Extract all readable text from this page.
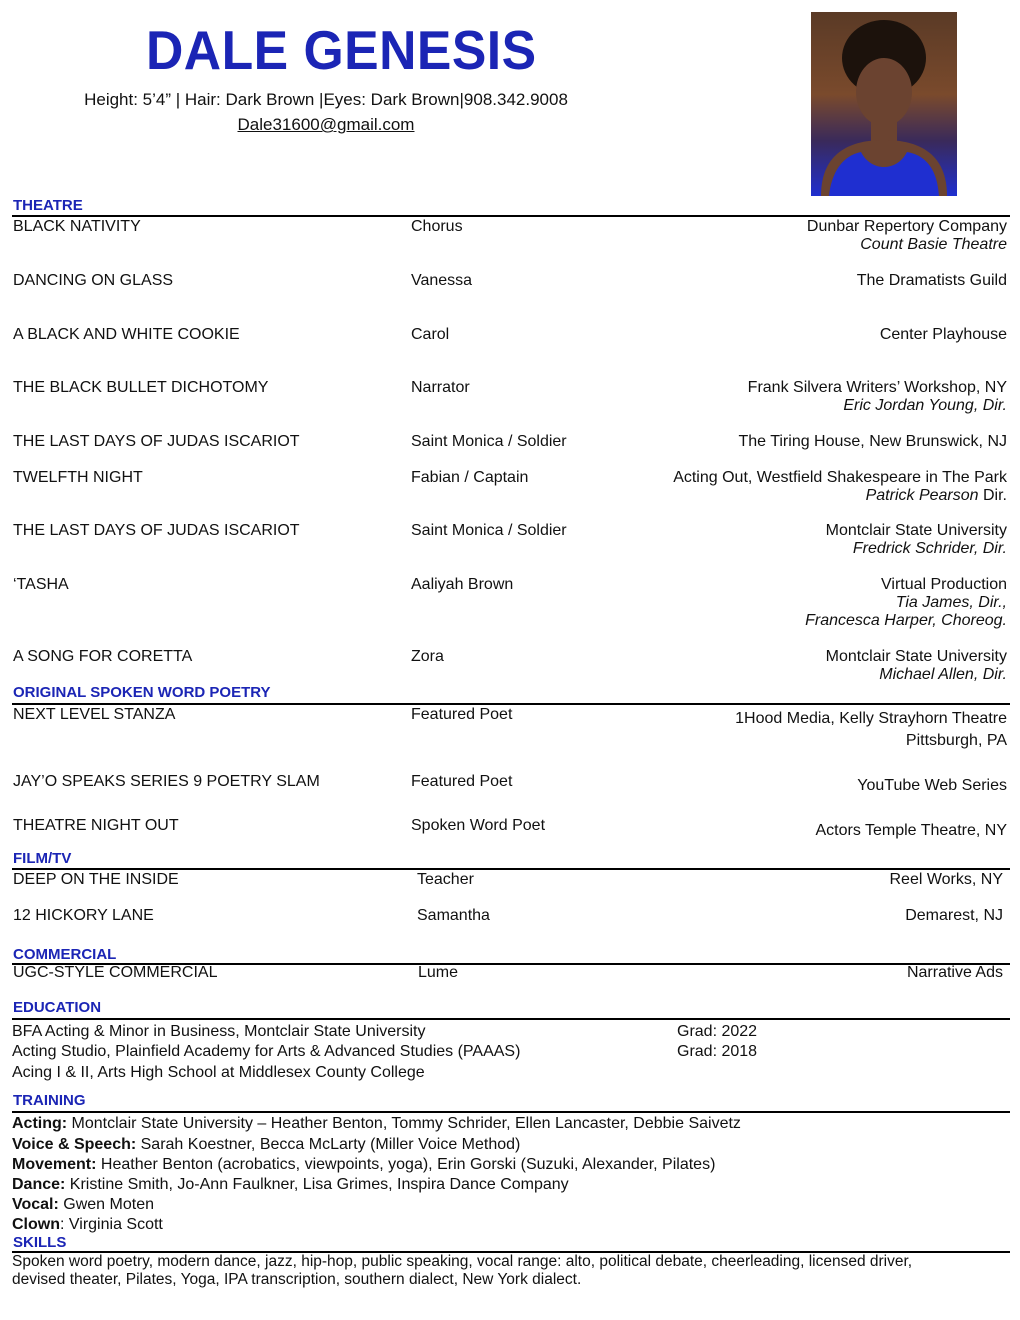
DALE GENESIS
Height: 5’4” | Hair: Dark Brown |Eyes: Dark Brown|908.342.9008
Dale31600@gmail.com
THEATRE
BLACK NATIVITY	Chorus	Dunbar Repertory Company
Count Basie Theatre
DANCING ON GLASS	Vanessa	The Dramatists Guild
A BLACK AND WHITE COOKIE	Carol	Center Playhouse
THE BLACK BULLET DICHOTOMY	Narrator	Frank Silvera Writers’ Workshop, NY
Eric Jordan Young, Dir.
THE LAST DAYS OF JUDAS ISCARIOT	Saint Monica / Soldier	The Tiring House, New Brunswick, NJ
TWELFTH NIGHT	Fabian / Captain	Acting Out, Westfield Shakespeare in The Park
Patrick Pearson Dir.
THE LAST DAYS OF JUDAS ISCARIOT	Saint Monica / Soldier	Montclair State University
Fredrick Schrider, Dir.
‘TASHA	Aaliyah Brown	Virtual Production
Tia James, Dir.,
Francesca Harper, Choreog.
A SONG FOR CORETTA	Zora	Montclair State University
Michael Allen, Dir.
ORIGINAL SPOKEN WORD POETRY
NEXT LEVEL STANZA	Featured Poet	1Hood Media, Kelly Strayhorn Theatre
Pittsburgh, PA
JAY’O SPEAKS SERIES 9 POETRY SLAM	Featured Poet	YouTube Web Series
THEATRE NIGHT OUT	Spoken Word Poet	Actors Temple Theatre, NY
FILM/TV
DEEP ON THE INSIDE	Teacher	Reel Works, NY
12 HICKORY LANE	Samantha	Demarest, NJ
COMMERCIAL
UGC-STYLE COMMERCIAL	Lume	Narrative Ads
EDUCATION
BFA Acting & Minor in Business, Montclair State University	Grad: 2022
Acting Studio, Plainfield Academy for Arts & Advanced Studies (PAAAS)	Grad: 2018
Acing I & II, Arts High School at Middlesex County College
TRAINING
Acting: Montclair State University – Heather Benton, Tommy Schrider, Ellen Lancaster, Debbie Saivetz
Voice & Speech: Sarah Koestner, Becca McLarty (Miller Voice Method)
Movement: Heather Benton (acrobatics, viewpoints, yoga), Erin Gorski (Suzuki, Alexander, Pilates)
Dance: Kristine Smith, Jo-Ann Faulkner, Lisa Grimes, Inspira Dance Company
Vocal: Gwen Moten
Clown: Virginia Scott
SKILLS
Spoken word poetry, modern dance, jazz, hip-hop, public speaking, vocal range: alto, political debate, cheerleading, licensed driver,
devised theater, Pilates, Yoga, IPA transcription, southern dialect, New York dialect.
